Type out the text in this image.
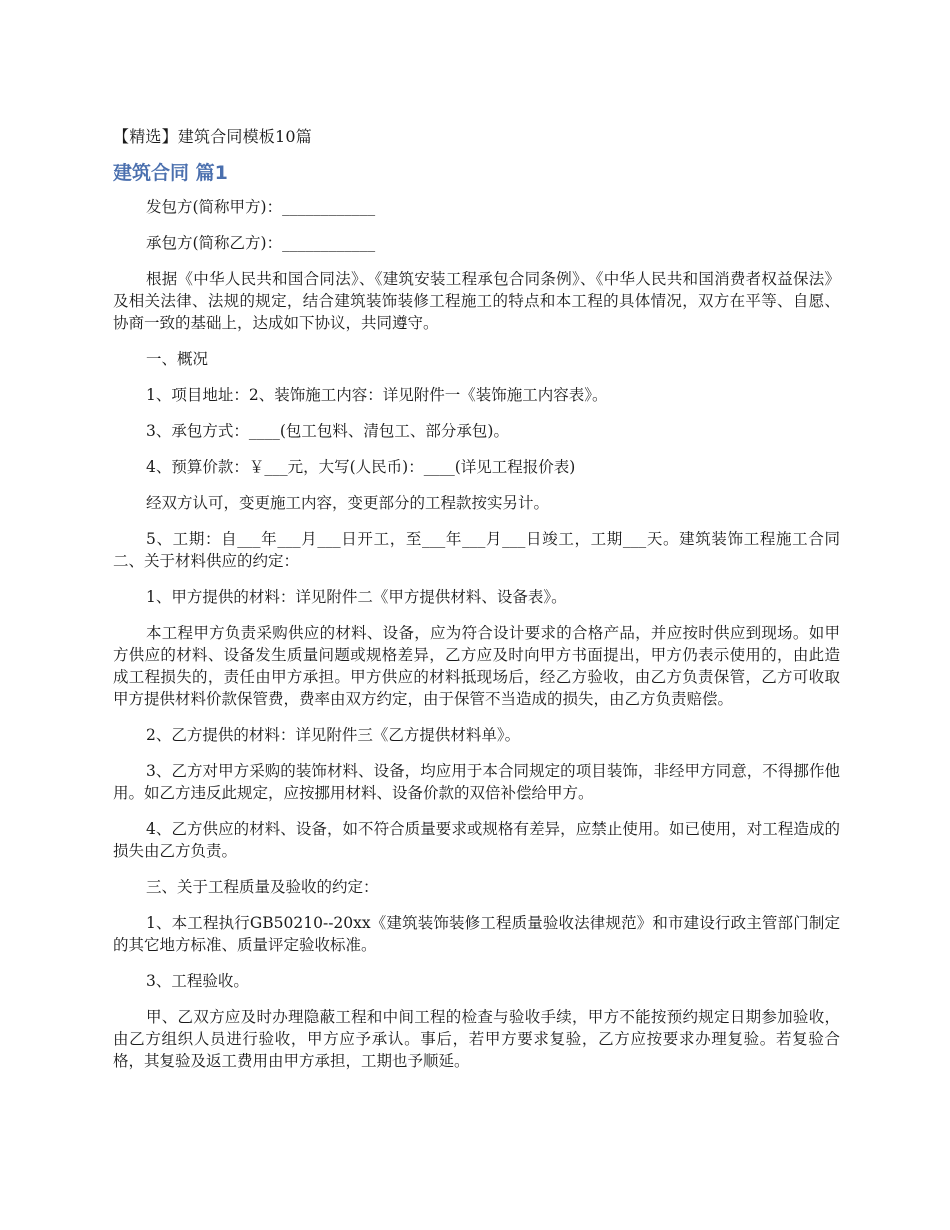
【精选】建筑合同模板10篇
建筑合同 篇1

发包方(简称甲方)：____________

承包方(简称乙方)：____________

根据《中华人民共和国合同法》、《建筑安装工程承包合同条例》、《中华人民共和国消费者权益保法》及相关法律、法规的规定，结合建筑装饰装修工程施工的特点和本工程的具体情况，双方在平等、自愿、协商一致的基础上，达成如下协议，共同遵守。

一、概况

1、项目地址：2、装饰施工内容：详见附件一《装饰施工内容表》。

3、承包方式：____(包工包料、清包工、部分承包)。

4、预算价款：￥___元，大写(人民币)：____(详见工程报价表)

经双方认可，变更施工内容，变更部分的工程款按实另计。

5、工期：自___年___月___日开工，至___年___月___日竣工，工期___天。建筑装饰工程施工合同二、关于材料供应的约定：

1、甲方提供的材料：详见附件二《甲方提供材料、设备表》。

本工程甲方负责采购供应的材料、设备，应为符合设计要求的合格产品，并应按时供应到现场。如甲方供应的材料、设备发生质量问题或规格差异，乙方应及时向甲方书面提出，甲方仍表示使用的，由此造成工程损失的，责任由甲方承担。甲方供应的材料抵现场后，经乙方验收，由乙方负责保管，乙方可收取甲方提供材料价款保管费，费率由双方约定，由于保管不当造成的损失，由乙方负责赔偿。

2、乙方提供的材料：详见附件三《乙方提供材料单》。

3、乙方对甲方采购的装饰材料、设备，均应用于本合同规定的项目装饰，非经甲方同意，不得挪作他用。如乙方违反此规定，应按挪用材料、设备价款的双倍补偿给甲方。

4、乙方供应的材料、设备，如不符合质量要求或规格有差异，应禁止使用。如已使用，对工程造成的损失由乙方负责。

三、关于工程质量及验收的约定：

1、本工程执行GB50210--20xx《建筑装饰装修工程质量验收法律规范》和市建设行政主管部门制定的其它地方标准、质量评定验收标准。

3、工程验收。

甲、乙双方应及时办理隐蔽工程和中间工程的检查与验收手续，甲方不能按预约规定日期参加验收，由乙方组织人员进行验收，甲方应予承认。事后，若甲方要求复验，乙方应按要求办理复验。若复验合格，其复验及返工费用由甲方承担，工期也予顺延。
